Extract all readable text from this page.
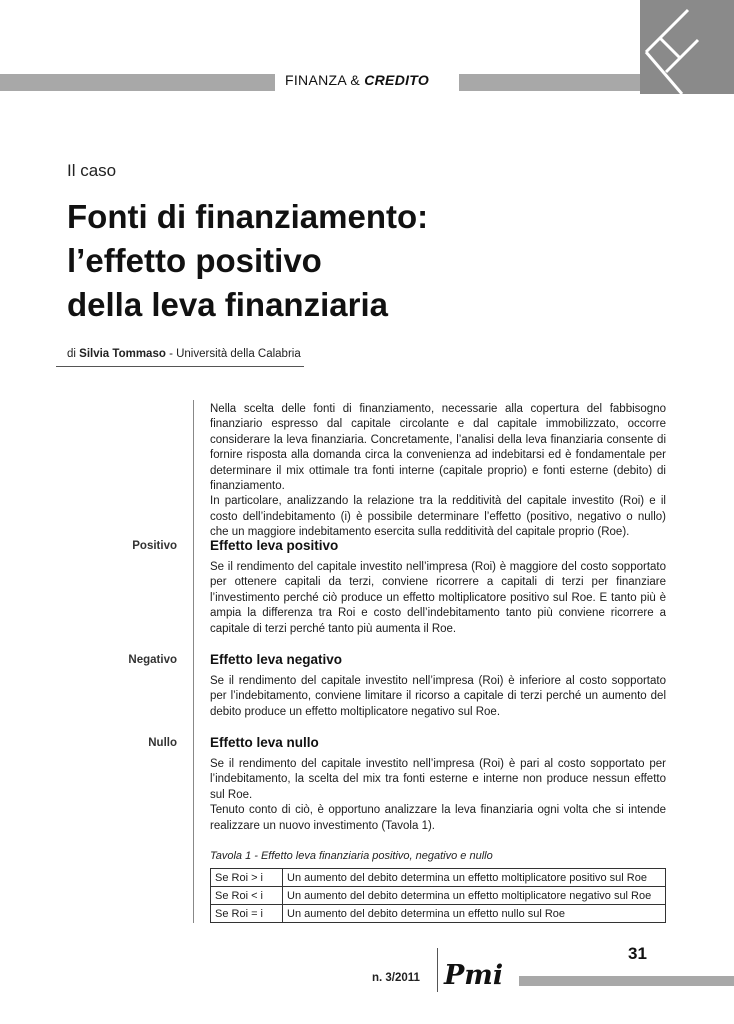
FINANZA & CREDITO
Il caso
Fonti di finanziamento:
l’effetto positivo
della leva finanziaria
di Silvia Tommaso - Università della Calabria

Nella scelta delle fonti di finanziamento, necessarie alla copertura del fabbisogno finanziario espresso dal capitale circolante e dal capitale immobilizzato, occorre considerare la leva finanziaria. Concretamente, l’analisi della leva finanziaria consente di fornire risposta alla domanda circa la convenienza ad indebitarsi ed è fondamentale per determinare il mix ottimale tra fonti interne (capitale proprio) e fonti esterne (debito) di finanziamento.

In particolare, analizzando la relazione tra la redditività del capitale investito (Roi) e il costo dell’indebitamento (i) è possibile determinare l’effetto (positivo, negativo o nullo) che un maggiore indebitamento esercita sulla redditività del capitale proprio (Roe).

Positivo Effetto leva positivo

Se il rendimento del capitale investito nell’impresa (Roi) è maggiore del costo sopportato per ottenere capitali da terzi, conviene ricorrere a capitali di terzi per finanziare l’investimento perché ciò produce un effetto moltiplicatore positivo sul Roe. E tanto più è ampia la differenza tra Roi e costo dell’indebitamento tanto più conviene ricorrere a capitale di terzi perché tanto più aumenta il Roe.

Negativo Effetto leva negativo

Se il rendimento del capitale investito nell’impresa (Roi) è inferiore al costo sopportato per l’indebitamento, conviene limitare il ricorso a capitale di terzi perché un aumento del debito produce un effetto moltiplicatore negativo sul Roe.

Nullo Effetto leva nullo

Se il rendimento del capitale investito nell’impresa (Roi) è pari al costo sopportato per l’indebitamento, la scelta del mix tra fonti esterne e interne non produce nessun effetto sul Roe.

Tenuto conto di ciò, è opportuno analizzare la leva finanziaria ogni volta che si intende realizzare un nuovo investimento (Tavola 1).

Tavola 1 - Effetto leva finanziaria positivo, negativo e nullo
Se Roi > i	Un aumento del debito determina un effetto moltiplicatore positivo sul Roe
Se Roi < i	Un aumento del debito determina un effetto moltiplicatore negativo sul Roe
Se Roi = i	Un aumento del debito determina un effetto nullo sul Roe
31
n. 3/2011 Pmi
